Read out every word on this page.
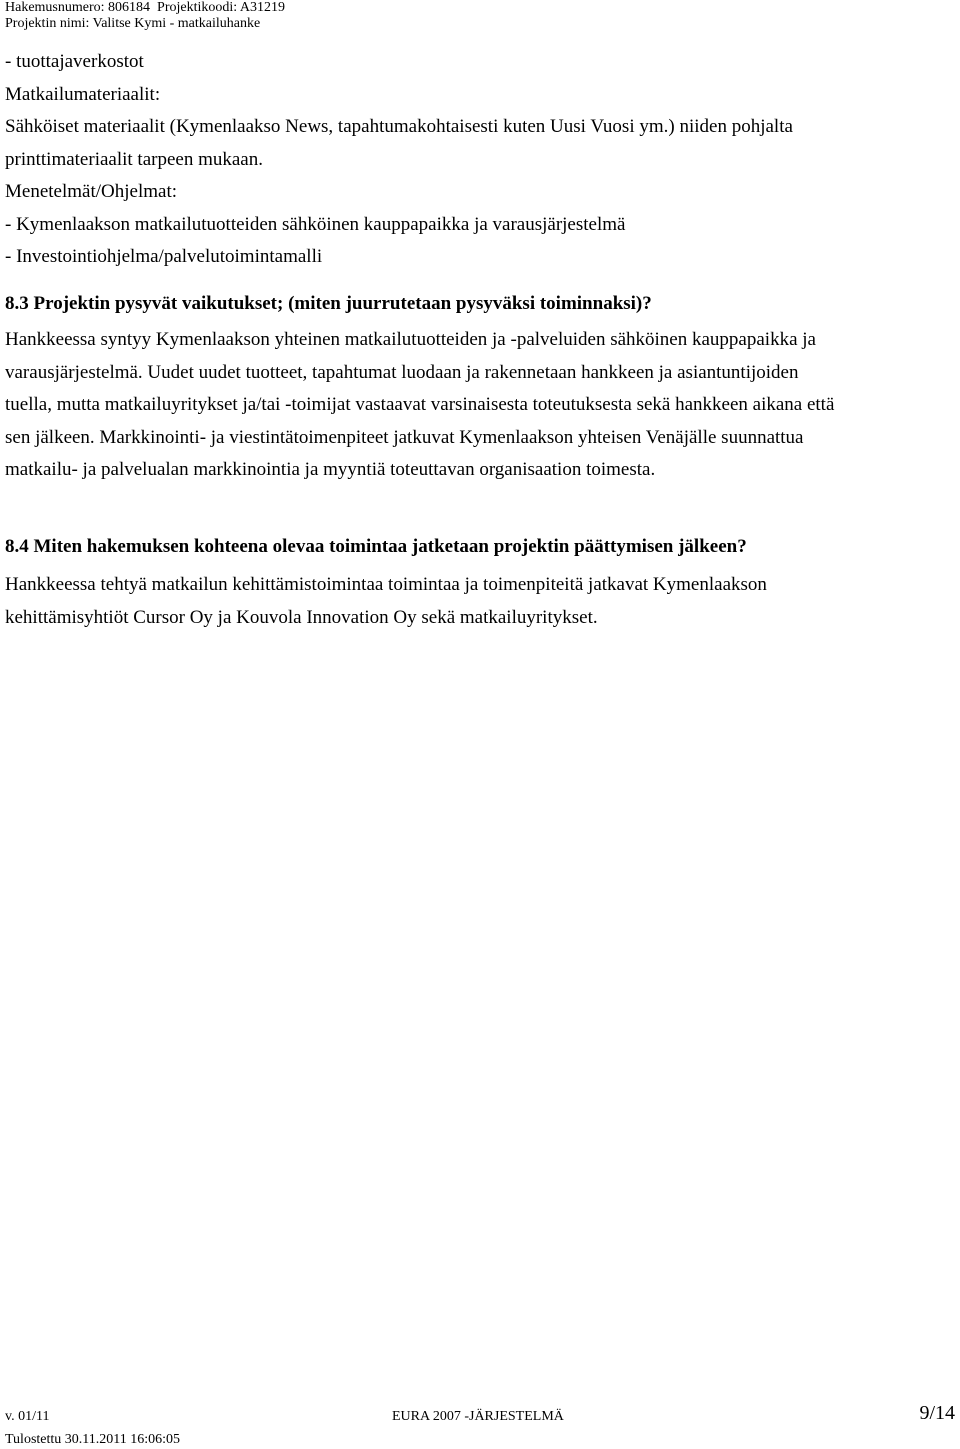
Hakemusnumero: 806184 Projektikoodi: A31219
Projektin nimi: Valitse Kymi - matkailuhanke
- tuottajaverkostot
Matkailumateriaalit:
Sähköiset materiaalit (Kymenlaakso News, tapahtumakohtaisesti kuten Uusi Vuosi ym.) niiden pohjalta
printtimateriaalit tarpeen mukaan.
Menetelmät/Ohjelmat:
- Kymenlaakson matkailutuotteiden sähköinen kauppapaikka ja varausjärjestelmä
- Investointiohjelma/palvelutoimintamalli
8.3 Projektin pysyvät vaikutukset; (miten juurrutetaan pysyväksi toiminnaksi)?
Hankkeessa syntyy Kymenlaakson yhteinen matkailutuotteiden ja -palveluiden sähköinen kauppapaikka ja
varausjärjestelmä. Uudet uudet tuotteet, tapahtumat luodaan ja rakennetaan hankkeen ja asiantuntijoiden
tuella, mutta matkailuyritykset ja/tai -toimijat vastaavat varsinaisesta toteutuksesta sekä hankkeen aikana että
sen jälkeen. Markkinointi- ja viestintätoimenpiteet jatkuvat Kymenlaakson yhteisen Venäjälle suunnattua
matkailu- ja palvelualan markkinointia ja myyntiä toteuttavan organisaation toimesta.
8.4 Miten hakemuksen kohteena olevaa toimintaa jatketaan projektin päättymisen jälkeen?
Hankkeessa tehtyä matkailun kehittämistoimintaa toimintaa ja toimenpiteitä jatkavat Kymenlaakson
kehittämisyhtiöt Cursor Oy ja Kouvola Innovation Oy sekä matkailuyritykset.
v. 01/11	EURA 2007 -JÄRJESTELMÄ	9/14
Tulostettu 30.11.2011 16:06:05
